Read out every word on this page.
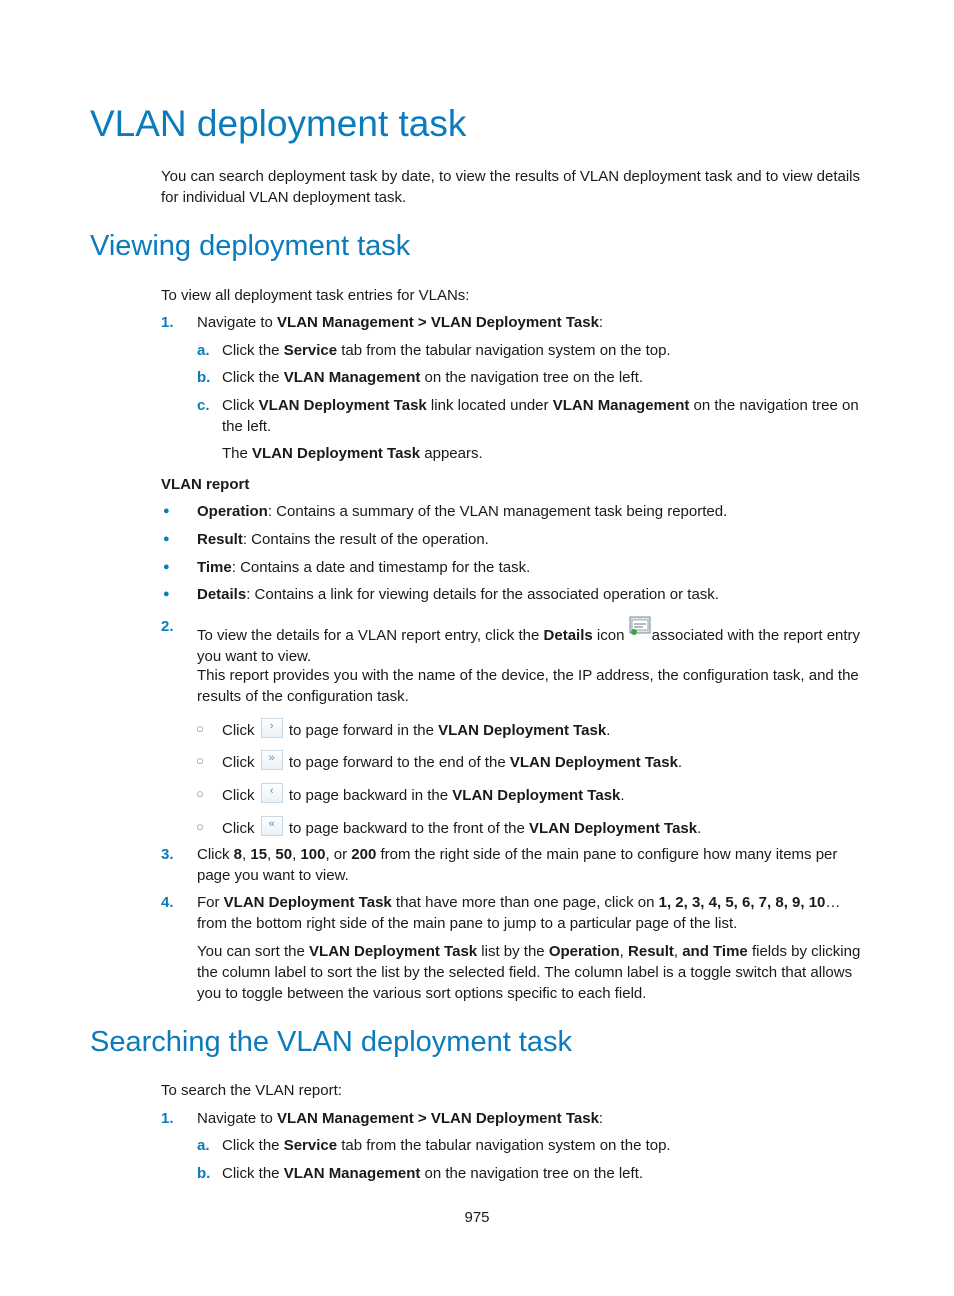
VLAN deployment task

You can search deployment task by date, to view the results of VLAN deployment task and to view details for individual VLAN deployment task.

Viewing deployment task

To view all deployment task entries for VLANs:

1. Navigate to VLAN Management > VLAN Deployment Task:

a. Click the Service tab from the tabular navigation system on the top.

b. Click the VLAN Management on the navigation tree on the left.

c. Click VLAN Deployment Task link located under VLAN Management on the navigation tree on the left.

The VLAN Deployment Task appears.

VLAN report

● Operation: Contains a summary of the VLAN management task being reported.

● Result: Contains the result of the operation.

● Time: Contains a date and timestamp for the task.

● Details: Contains a link for viewing details for the associated operation or task.

2.

To view the details for a VLAN report entry, click the Details icon associated with the report entry you want to view.

This report provides you with the name of the device, the IP address, the configuration task, and the results of the configuration task.

○ Click › to page forward in the VLAN Deployment Task.

○ Click » to page forward to the end of the VLAN Deployment Task.

○ Click ‹ to page backward in the VLAN Deployment Task.

○ Click « to page backward to the front of the VLAN Deployment Task.

3. Click 8, 15, 50, 100, or 200 from the right side of the main pane to configure how many items per page you want to view.

4. For VLAN Deployment Task that have more than one page, click on 1, 2, 3, 4, 5, 6, 7, 8, 9, 10… from the bottom right side of the main pane to jump to a particular page of the list.

You can sort the VLAN Deployment Task list by the Operation, Result, and Time fields by clicking the column label to sort the list by the selected field. The column label is a toggle switch that allows you to toggle between the various sort options specific to each field.

Searching the VLAN deployment task

To search the VLAN report:

1. Navigate to VLAN Management > VLAN Deployment Task:

a. Click the Service tab from the tabular navigation system on the top.

b. Click the VLAN Management on the navigation tree on the left.

975
